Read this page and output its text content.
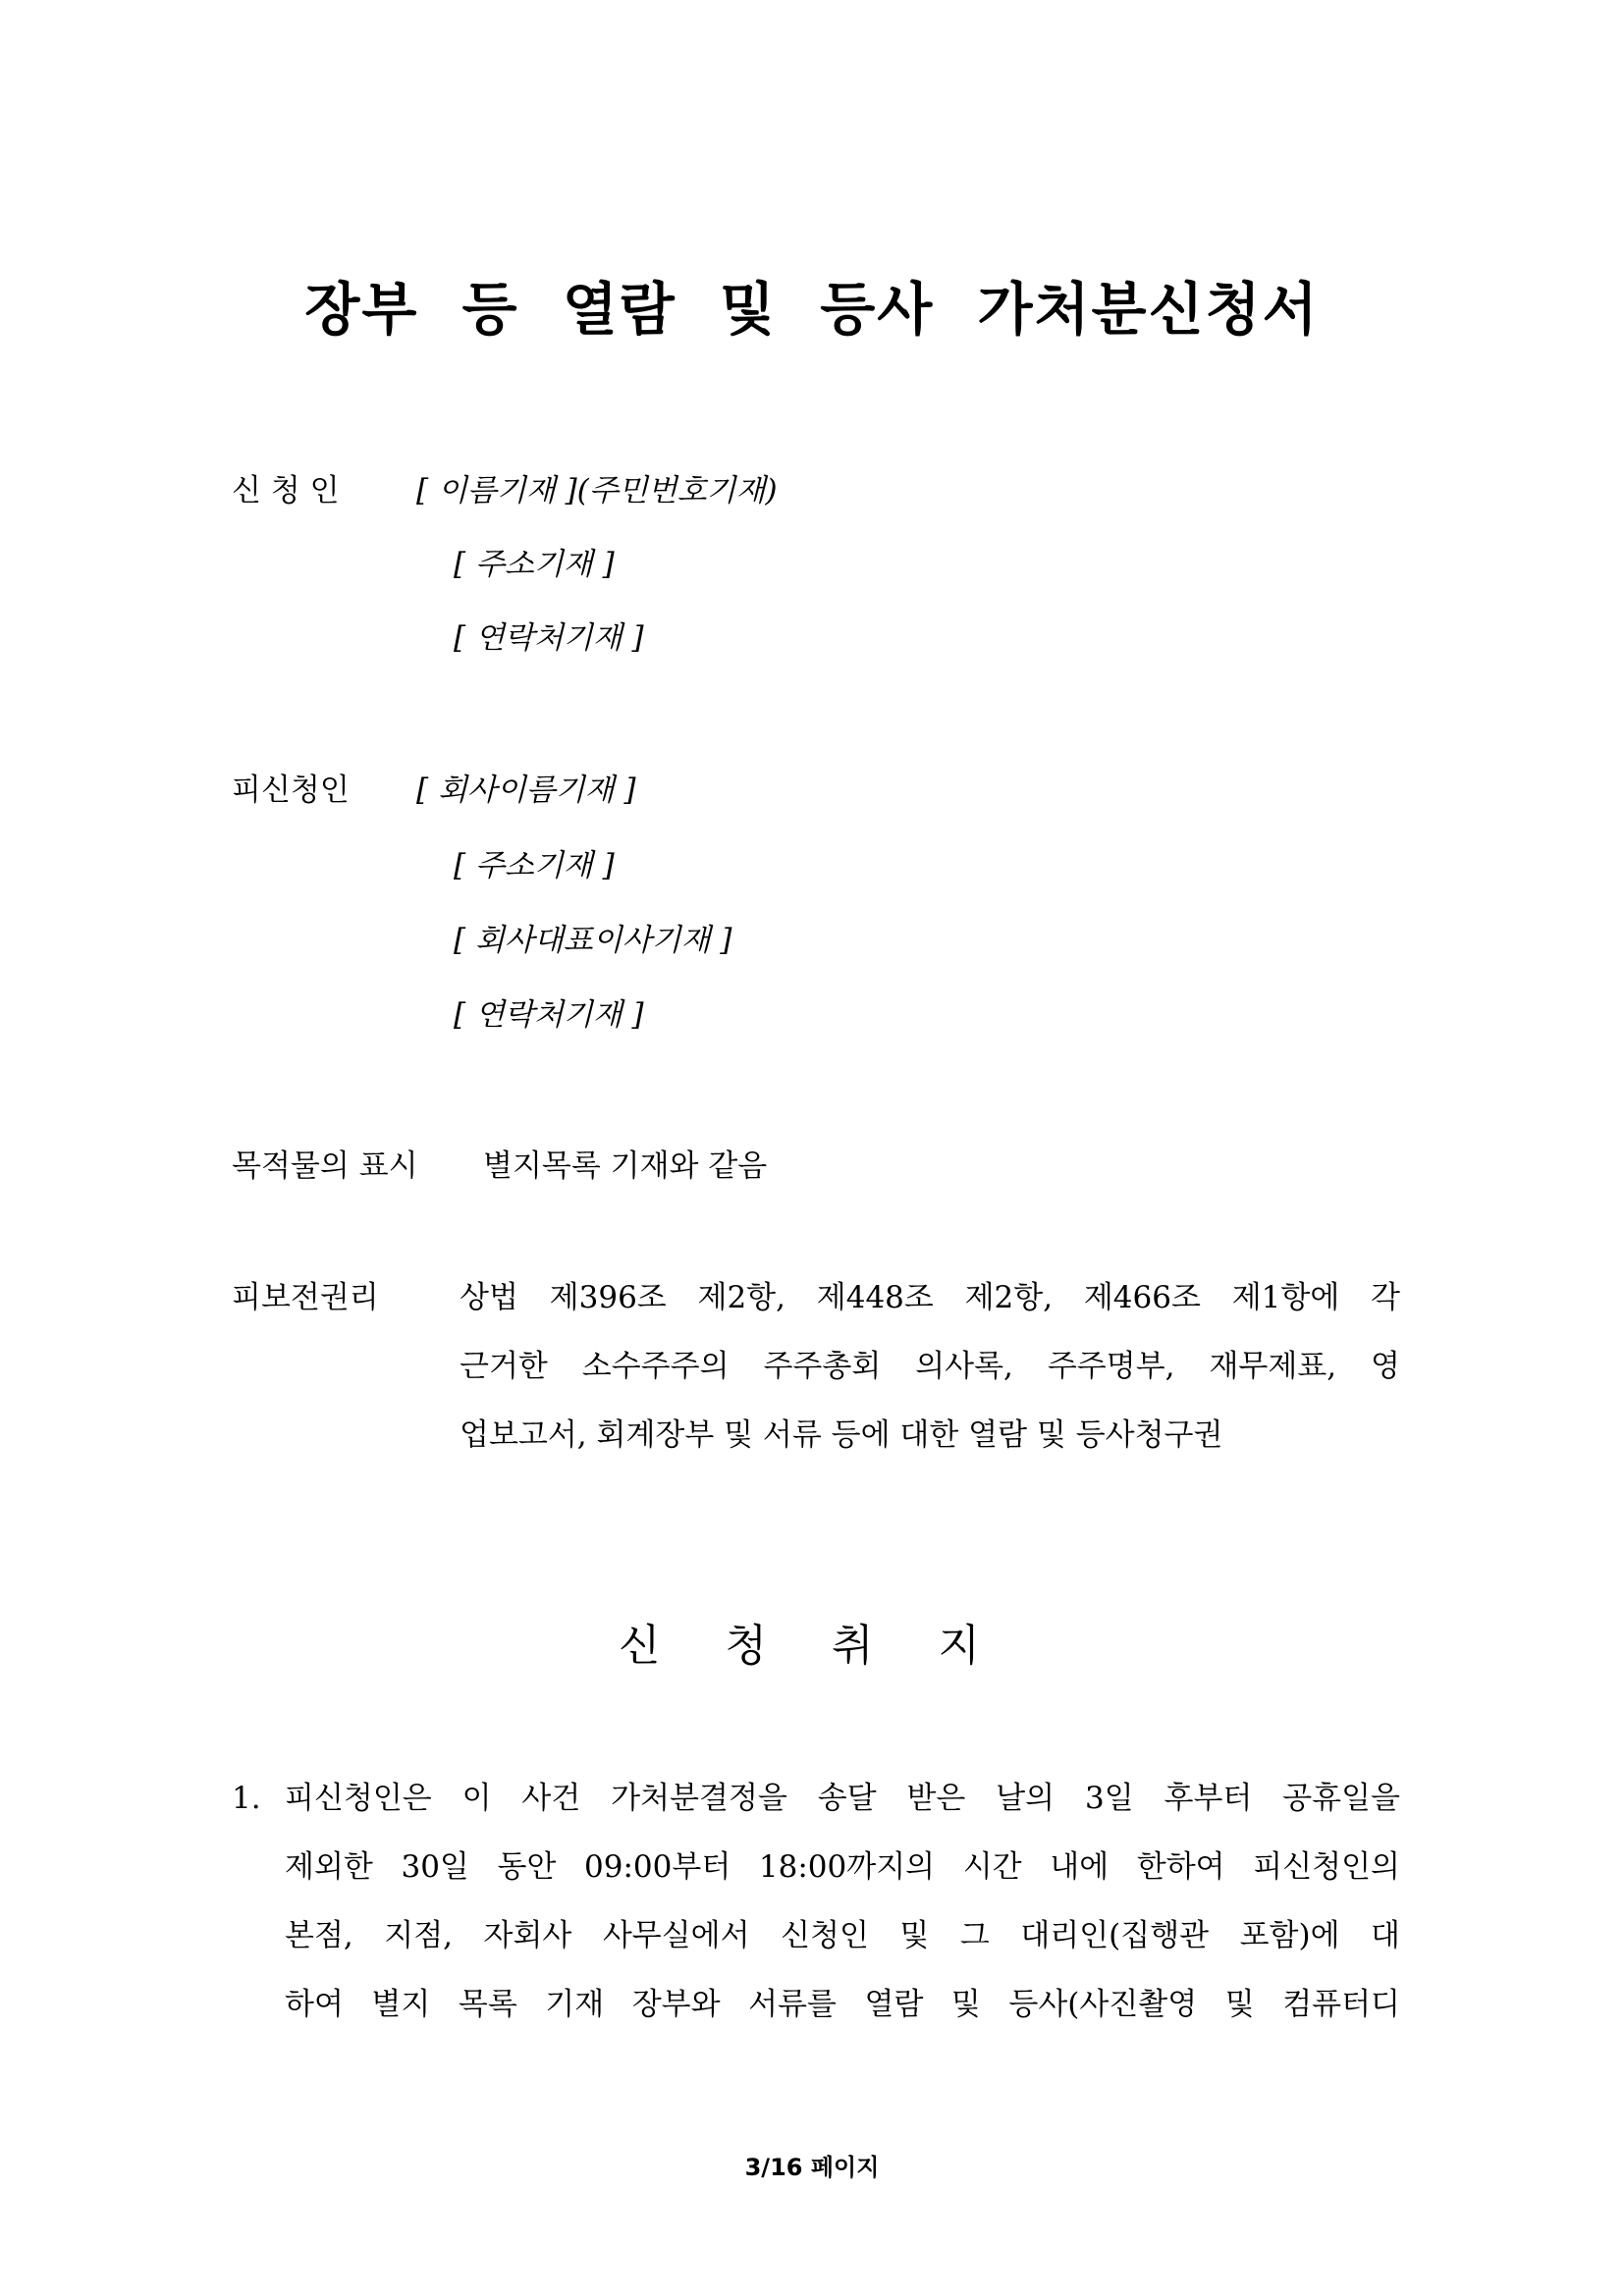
장부 등 열람 및 등사 가처분신청서
신 청 인	[ 이름기재 ](주민번호기재)
[ 주소기재 ]
[ 연락처기재 ]
피신청인 [ 회사이름기재 ]
[ 주소기재 ]
[ 회사대표이사기재 ]
[ 연락처기재 ]
목적물의 표시 별지목록 기재와 같음
피보전권리	상법 제396조 제2항, 제448조 제2항, 제466조 제1항에 각
근거한 소수주주의 주주총회 의사록, 주주명부, 재무제표, 영
업보고서, 회계장부 및 서류 등에 대한 열람 및 등사청구권
신 청 취 지
1. 피신청인은 이 사건 가처분결정을 송달 받은 날의 3일 후부터 공휴일을
제외한 30일 동안 09:00부터 18:00까지의 시간 내에 한하여 피신청인의
본점, 지점, 자회사 사무실에서 신청인 및 그 대리인(집행관 포함)에 대
하여 별지 목록 기재 장부와 서류를 열람 및 등사(사진촬영 및 컴퓨터디
3/16 페이지
